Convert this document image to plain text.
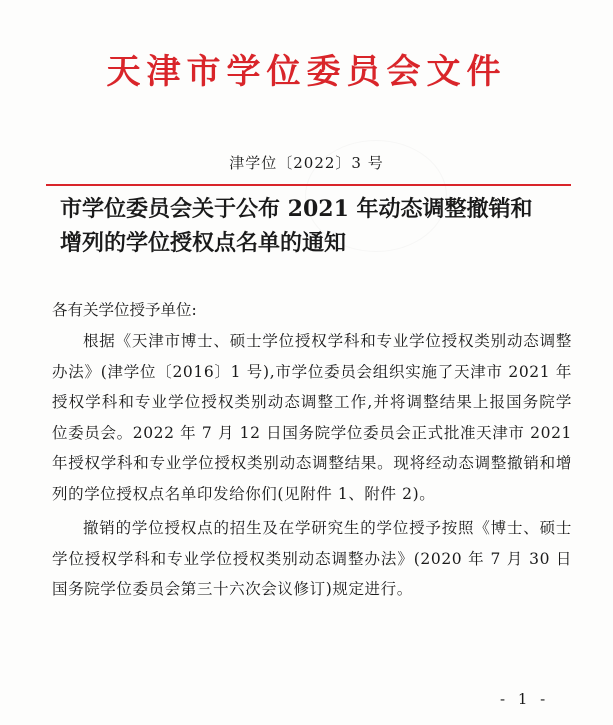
天津市学位委员会文件
津学位〔2022〕3 号
市学位委员会关于公布 2021 年动态调整撤销和
增列的学位授权点名单的通知
各有关学位授予单位:

根据《天津市博士、硕士学位授权学科和专业学位授权类别动态调整办法》(津学位〔2016〕1 号),市学位委员会组织实施了天津市 2021 年授权学科和专业学位授权类别动态调整工作,并将调整结果上报国务院学位委员会。2022 年 7 月 12 日国务院学位委员会正式批准天津市 2021 年授权学科和专业学位授权类别动态调整结果。现将经动态调整撤销和增列的学位授权点名单印发给你们(见附件 1、附件 2)。

撤销的学位授权点的招生及在学研究生的学位授予按照《博士、硕士学位授权学科和专业学位授权类别动态调整办法》(2020 年 7 月 30 日国务院学位委员会第三十六次会议修订)规定进行。

- 1 -
